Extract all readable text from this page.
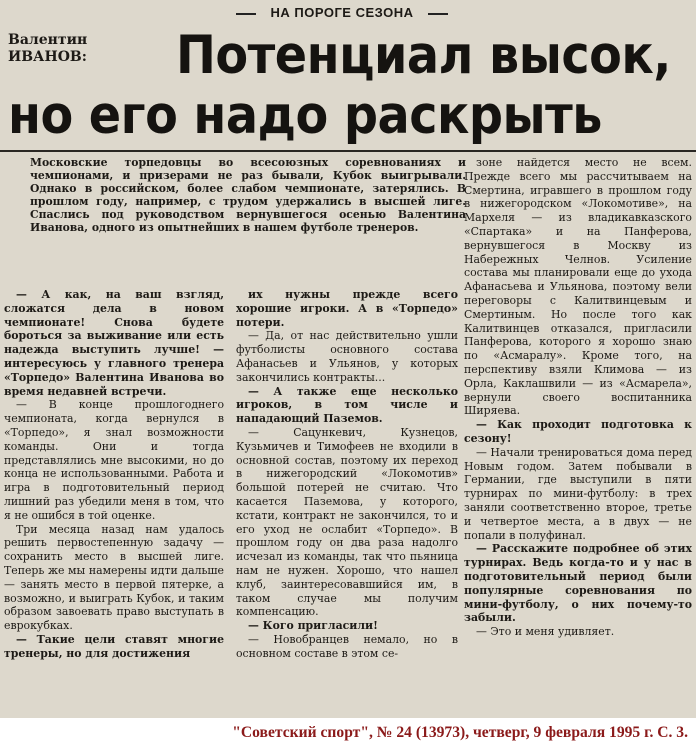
НА ПОРОГЕ СЕЗОНА
Валентин
ИВАНОВ:	Потенциал высок,
но его надо раскрыть
Московские торпедовцы во всесоюзных соревнованиях и чемпионами, и призерами не раз бывали, Кубок выигрывали. Однако в российском, более слабом чемпионате, затерялись. В прошлом году, например, с трудом удержались в высшей лиге. Спаслись под руководством вернувшегося осенью Валентина Иванова, одного из опытнейших в нашем футболе тренеров.

— А как, на ваш взгляд, сложатся дела в новом чемпионате! Снова будете бороться за выживание или есть надежда выступить лучше! — интересуюсь у главного тренера «Торпедо» Валентина Иванова во время недавней встречи.

— В конце прошлогоднего чемпионата, когда вернулся в «Торпедо», я знал возможности команды. Они и тогда представлялись мне высокими, но до конца не использованными. Работа и игра в подготовительный период лишний раз убедили меня в том, что я не ошибся в той оценке.

Три месяца назад нам удалось решить первостепенную задачу — сохранить место в высшей лиге. Теперь же мы намерены идти дальше — занять место в первой пятерке, а возможно, и выиграть Кубок, и таким образом завоевать право выступать в еврокубках.

— Такие цели ставят многие тренеры, но для достижения

их нужны прежде всего хорошие игроки. А в «Торпедо» потери.

— Да, от нас действительно ушли футболисты основного состава Афанасьев и Ульянов, у которых закончились контракты...

— А также еще несколько игроков, в том числе и нападающий Паземов.

— Сацункевич, Кузнецов, Кузьмичев и Тимофеев не входили в основной состав, поэтому их переход в нижегородский «Локомотив» большой потерей не считаю. Что касается Паземова, у которого, кстати, контракт не закончился, то и его уход не ослабит «Торпедо». В прошлом году он два раза надолго исчезал из команды, так что пьяница нам не нужен. Хорошо, что нашел клуб, заинтересовавшийся им, в таком случае мы получим компенсацию.

— Кого пригласили!

— Новобранцев немало, но в основном составе в этом се-

зоне найдется место не всем. Прежде всего мы рассчитываем на Смертина, игравшего в прошлом году в нижегородском «Локомотиве», на Мархеля — из владикавказского «Спартака» и на Панферова, вернувшегося в Москву из Набережных Челнов. Усиление состава мы планировали еще до ухода Афанасьева и Ульянова, поэтому вели переговоры с Калитвинцевым и Смертиным. Но после того как Калитвинцев отказался, пригласили Панферова, которого я хорошо знаю по «Асмаралу». Кроме того, на перспективу взяли Климова — из Орла, Каклашвили — из «Асмарела», вернули своего воспитанника Ширяева.

— Как проходит подготовка к сезону!

— Начали тренироваться дома перед Новым годом. Затем побывали в Германии, где выступили в пяти турнирах по мини-футболу: в трех заняли соответственно второе, третье и четвертое места, а в двух — не попали в полуфинал.

— Расскажите подробнее об этих турнирах. Ведь когда-то и у нас в подготовительный период были популярные соревнования по мини-футболу, о них почему-то забыли.

— Это и меня удивляет.

"Советский спорт", № 24 (13973), четверг, 9 февраля 1995 г. С. 3.
